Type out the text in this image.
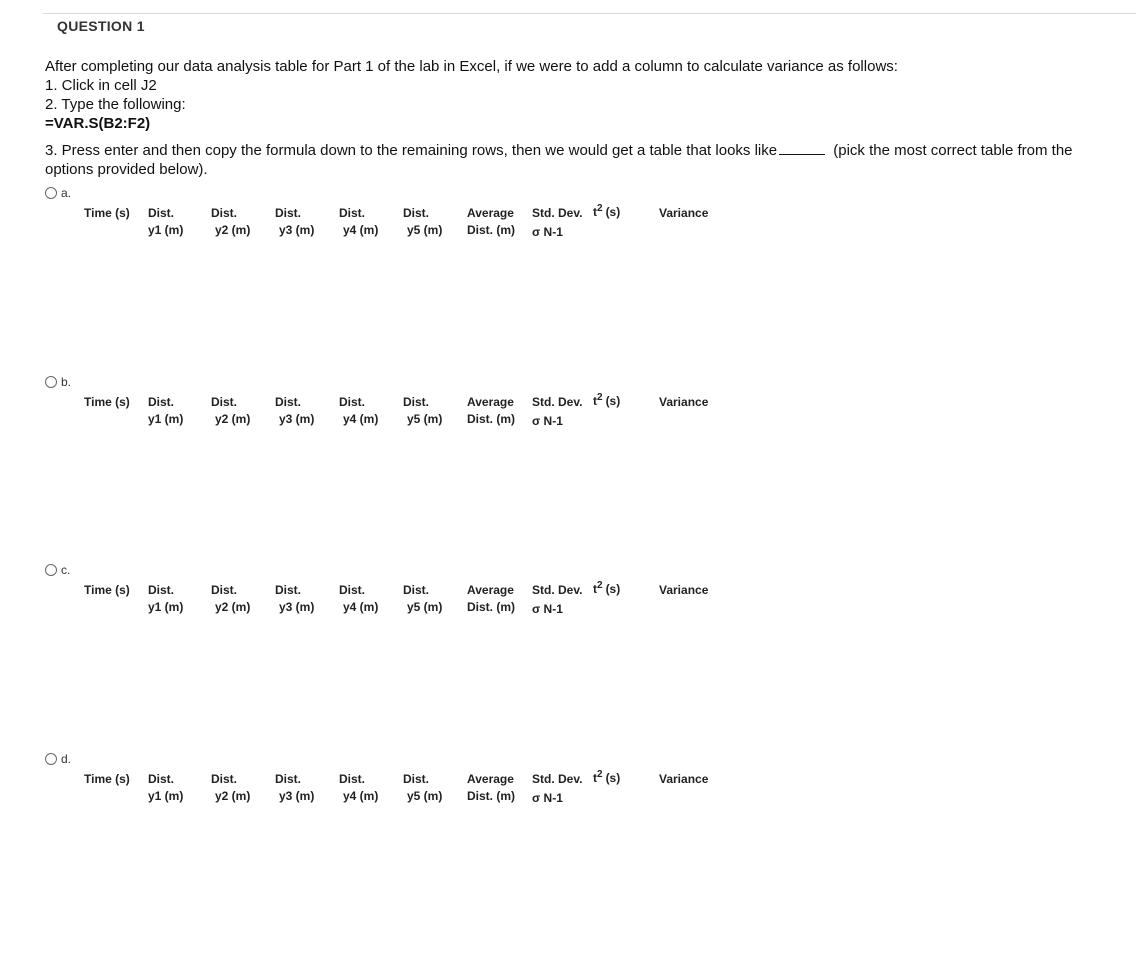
QUESTION 1
After completing our data analysis table for Part 1 of the lab in Excel, if we were to add a column to calculate variance as follows:
1. Click in cell J2
2. Type the following:
=VAR.S(B2:F2)
3. Press enter and then copy the formula down to the remaining rows, then we would get a table that looks like	(pick the most correct table from the options provided below).
a.
Time (s) Dist.
y1 (m)
Dist.
y2 (m)
Dist.
y3 (m)
Dist.
y4 (m)
Dist.
y5 (m)
Average
Dist. (m)
Std. Dev.
σ N-1
Variance
$t^2$ (s)
b.
Time (s) Dist.
y1 (m)
Dist.
y2 (m)
Dist.
y3 (m)
Dist.
y4 (m)
Dist.
y5 (m)
Average
Dist. (m)
Std. Dev.
σ N-1
Variance
$t^2$ (s)
c.
Time (s) Dist.
y1 (m)
Dist.
y2 (m)
Dist.
y3 (m)
Dist.
y4 (m)
Dist.
y5 (m)
Average
Dist. (m)
Std. Dev.
σ N-1
Variance
$t^2$ (s)
d.
Time (s) Dist.
y1 (m)
Dist.
y2 (m)
Dist.
y3 (m)
Dist.
y4 (m)
Dist.
y5 (m)
Average
Dist. (m)
Std. Dev.
σ N-1
Variance
$t^2$ (s)
